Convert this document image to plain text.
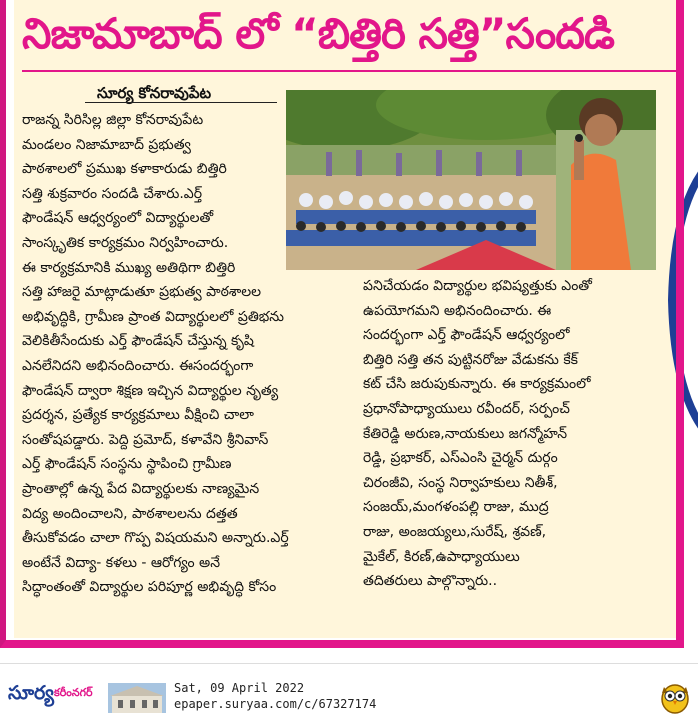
నిజామాబాద్ లో “బిత్తిరి సత్తి”సందడి
సూర్య కోనరావుపేట
రాజన్న సిరిసిల్ల జిల్లా కోనరావుపేట
మండలం నిజామాబాద్ ప్రభుత్వ
పాఠశాలలో ప్రముఖ కళాకారుడు బిత్తిరి
సత్తి శుక్రవారం సందడి చేశారు.ఎర్త్
ఫౌండేషన్ ఆధ్వర్యంలో విద్యార్థులతో
సాంస్కృతిక కార్యక్రమం నిర్వహించారు.
ఈ కార్యక్రమానికి ముఖ్య అతిథిగా బిత్తిరి
సత్తి హాజరై మాట్లాడుతూ ప్రభుత్వ పాఠశాలల
అభివృద్ధికి, గ్రామీణ ప్రాంత విద్యార్థులలో ప్రతిభను
వెలికితీసేందుకు ఎర్త్ ఫౌండేషన్ చేస్తున్న కృషి
ఎనలేనిదని అభినందించారు. ఈసందర్భంగా
ఫౌండేషన్ ద్వారా శిక్షణ ఇచ్చిన విద్యార్థుల నృత్య
ప్రదర్శన, ప్రత్యేక కార్యక్రమాలు వీక్షించి చాలా
సంతోషపడ్డారు. పెద్ది ప్రమోద్, కళావేని శ్రీనివాస్
ఎర్త్ ఫౌండేషన్ సంస్థను స్థాపించి గ్రామీణ
ప్రాంతాల్లో ఉన్న పేద విద్యార్థులకు నాణ్యమైన
విద్య అందించాలని, పాఠశాలలను దత్తత
తీసుకోవడం చాలా గొప్ప విషయమని అన్నారు.ఎర్త్
అంటేనే విద్యా- కళలు - ఆరోగ్యం అనే
సిద్ధాంతంతో విద్యార్థుల పరిపూర్ణ అభివృద్ధి కోసం
పనిచేయడం విద్యార్థుల భవిష్యత్తుకు ఎంతో
ఉపయోగమని అభినందించారు. ఈ
సందర్భంగా ఎర్త్ ఫౌండేషన్ ఆధ్వర్యంలో
బిత్తిరి సత్తి తన పుట్టినరోజు వేడుకను కేక్
కట్ చేసి జరుపుకున్నారు. ఈ కార్యక్రమంలో
ప్రధానోపాధ్యాయులు రవీందర్, సర్పంచ్
కేతిరెడ్డి అరుణ,నాయకులు జగన్మోహన్
రెడ్డి, ప్రభాకర్, ఎస్ఎంసి చైర్మన్ దుర్గం
చిరంజీవి, సంస్థ నిర్వాహకులు నితీశ్,
సంజయ్,మంగళంపల్లి రాజు, ముద్ర
రాజు, అంజయ్యలు,సురేష్, శ్రవణ్,
మైకేల్, కిరణ్,ఉపాధ్యాయులు
తదితరులు పాల్గొన్నారు..
సూర్య కరీంనగర్	Sat, 09 April 2022
epaper.suryaa.com/c/67327174
